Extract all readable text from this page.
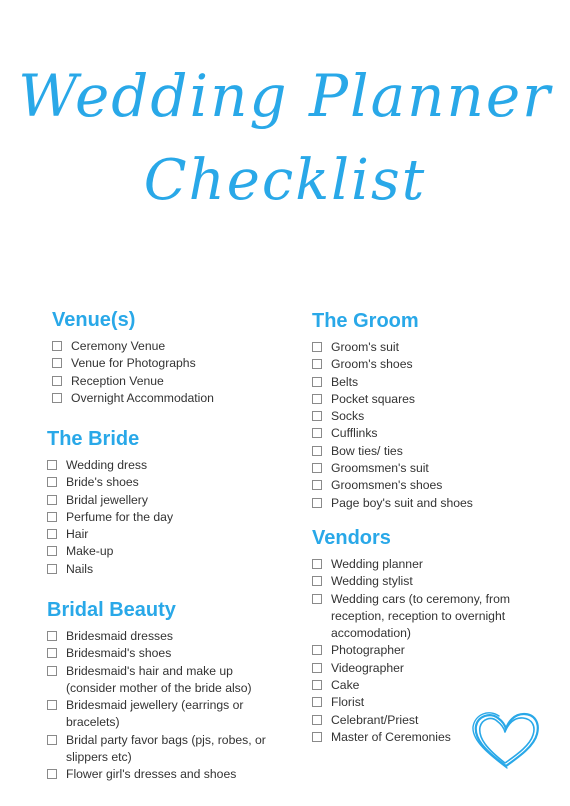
Wedding Planner
Checklist
Venue(s)
Ceremony Venue
Venue for Photographs
Reception Venue
Overnight Accommodation
The Bride
Wedding dress
Bride's shoes
Bridal jewellery
Perfume for the day
Hair
Make-up
Nails
Bridal Beauty
Bridesmaid dresses
Bridesmaid's shoes
Bridesmaid's hair and make up
(consider mother of the bride also)
Bridesmaid jewellery (earrings or
bracelets)
Bridal party favor bags (pjs, robes, or
slippers etc)
Flower girl's dresses and shoes
The Groom
Groom's suit
Groom's shoes
Belts
Pocket squares
Socks
Cufflinks
Bow ties/ ties
Groomsmen's suit
Groomsmen's shoes
Page boy's suit and shoes
Vendors
Wedding planner
Wedding stylist
Wedding cars (to ceremony, from
reception, reception to overnight
accomodation)
Photographer
Videographer
Cake
Florist
Celebrant/Priest
Master of Ceremonies
